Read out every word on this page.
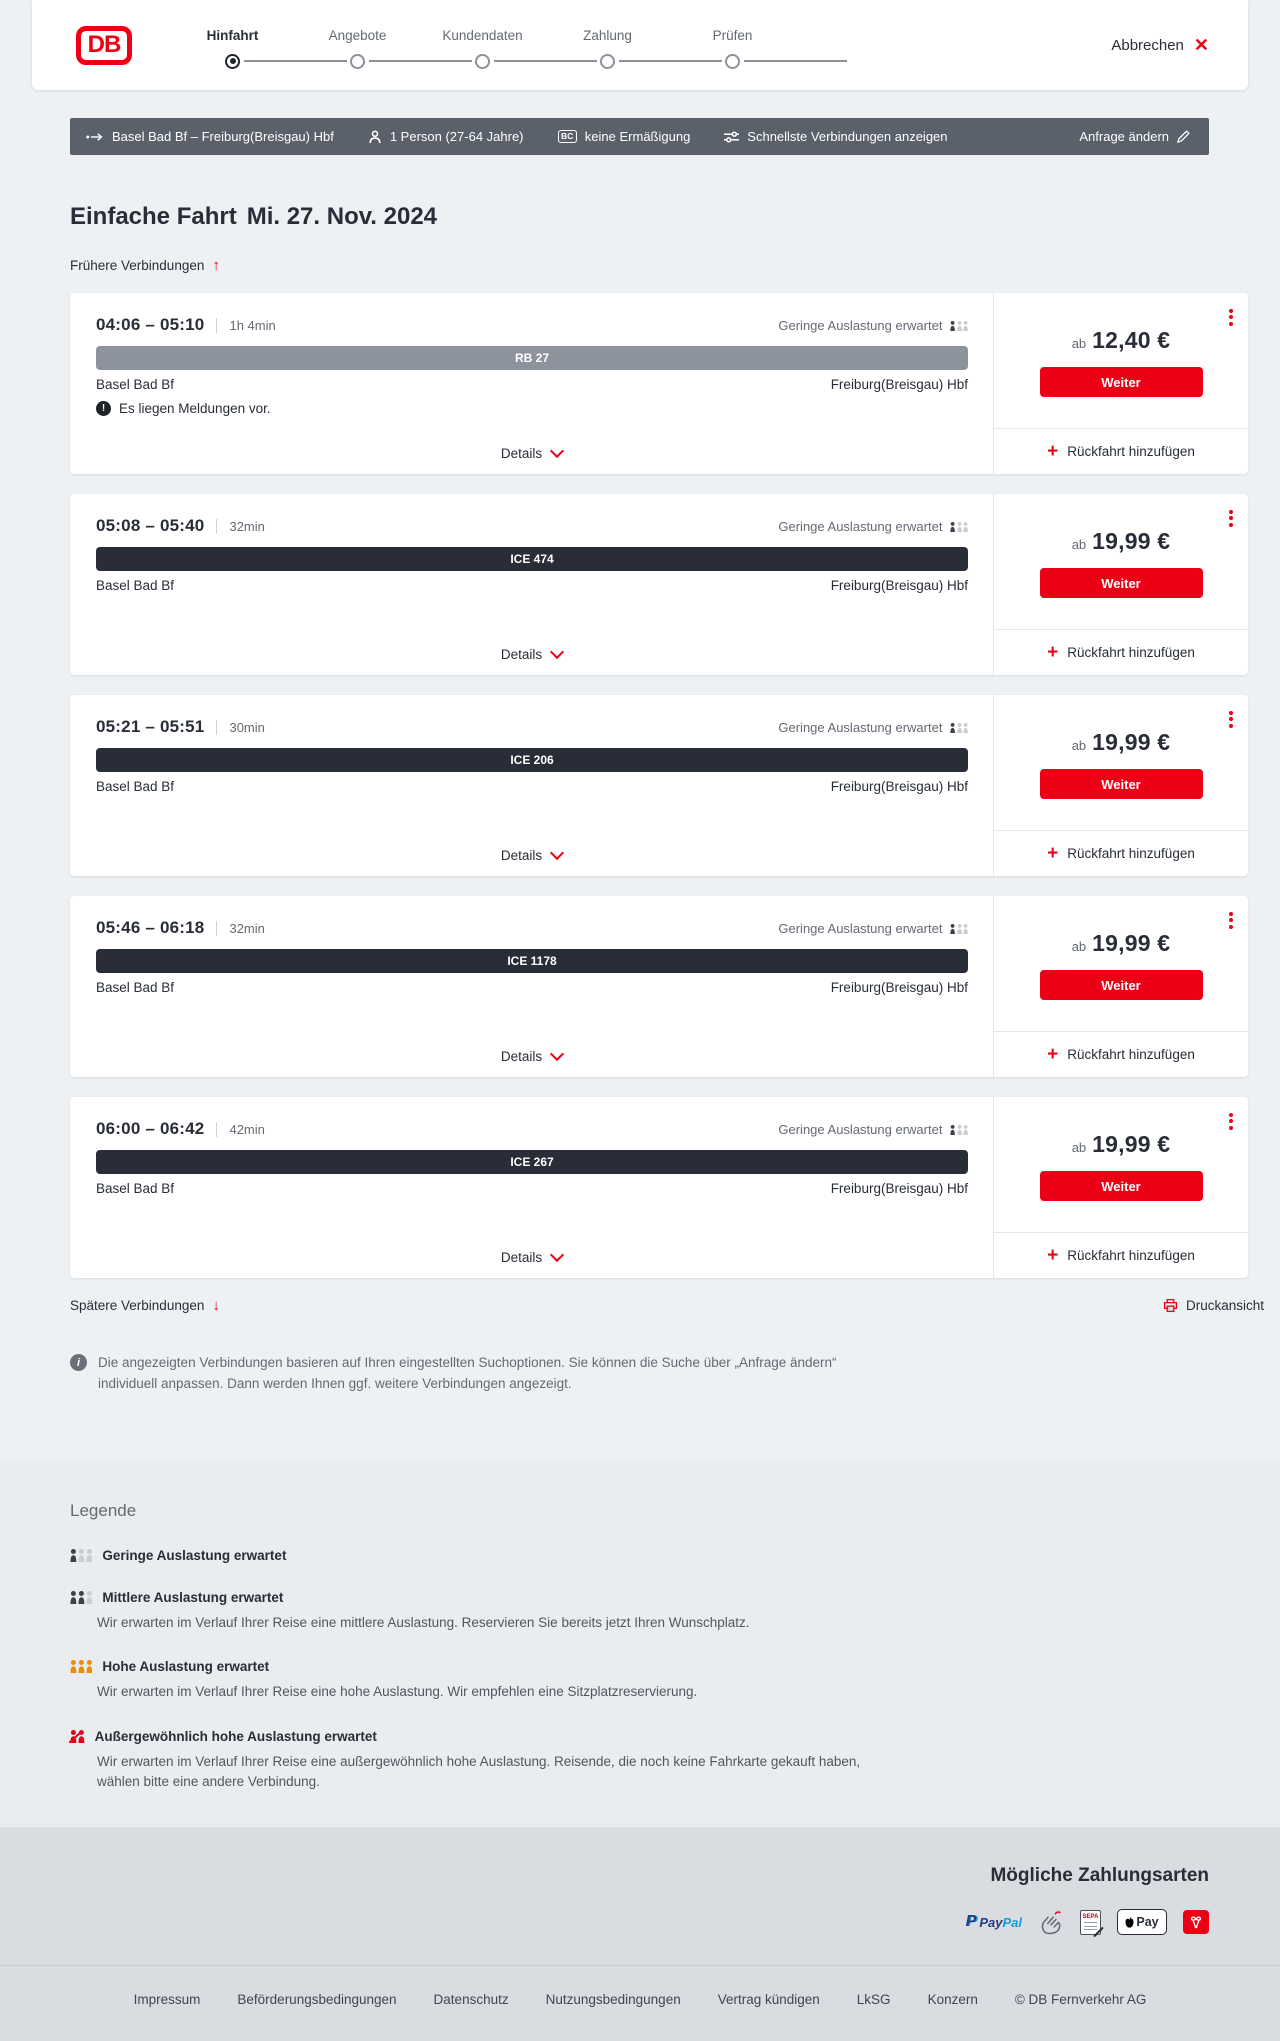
DB	Hinfahrt	Angebote	Kundendaten	Zahlung	Prüfen
Abbrechen ✕
Basel Bad Bf – Freiburg(Breisgau) Hbf	1 Person (27-64 Jahre)	BC keine Ermäßigung	Schnellste Verbindungen anzeigen	Anfrage ändern
Einfache Fahrt Mi. 27. Nov. 2024
Frühere Verbindungen ↑
04:06 – 05:10 1h 4min	Geringe Auslastung erwartet
RB 27
Basel Bad Bf	Freiburg(Breisgau) Hbf
!	Es liegen Meldungen vor.
Details
ab 12,40 €
Weiter
+ Rückfahrt hinzufügen
05:08 – 05:40 32min	Geringe Auslastung erwartet
ICE 474
Basel Bad Bf	Freiburg(Breisgau) Hbf
Details
ab 19,99 €
Weiter
+ Rückfahrt hinzufügen
05:21 – 05:51 30min	Geringe Auslastung erwartet
ICE 206
Basel Bad Bf	Freiburg(Breisgau) Hbf
Details
ab 19,99 €
Weiter
+ Rückfahrt hinzufügen
05:46 – 06:18 32min	Geringe Auslastung erwartet
ICE 1178
Basel Bad Bf	Freiburg(Breisgau) Hbf
Details
ab 19,99 €
Weiter
+ Rückfahrt hinzufügen
06:00 – 06:42 42min	Geringe Auslastung erwartet
ICE 267
Basel Bad Bf	Freiburg(Breisgau) Hbf
Details
ab 19,99 €
Weiter
+ Rückfahrt hinzufügen
Spätere Verbindungen ↓	Druckansicht
i	Die angezeigten Verbindungen basieren auf Ihren eingestellten Suchoptionen. Sie können die Suche über „Anfrage ändern“ individuell anpassen. Dann werden Ihnen ggf. weitere Verbindungen angezeigt.

Legende
Geringe Auslastung erwartet
Mittlere Auslastung erwartet

Wir erwarten im Verlauf Ihrer Reise eine mittlere Auslastung. Reservieren Sie bereits jetzt Ihren Wunschplatz.

Hohe Auslastung erwartet

Wir erwarten im Verlauf Ihrer Reise eine hohe Auslastung. Wir empfehlen eine Sitzplatzreservierung.

Außergewöhnlich hohe Auslastung erwartet

Wir erwarten im Verlauf Ihrer Reise eine außergewöhnlich hohe Auslastung. Reisende, die noch keine Fahrkarte gekauft haben, wählen bitte eine andere Verbindung.

Mögliche Zahlungsarten
P PayPal	SEPA	Pay
Impressum	Beförderungsbedingungen	Datenschutz	Nutzungsbedingungen	Vertrag kündigen	LkSG	Konzern	© DB Fernverkehr AG
